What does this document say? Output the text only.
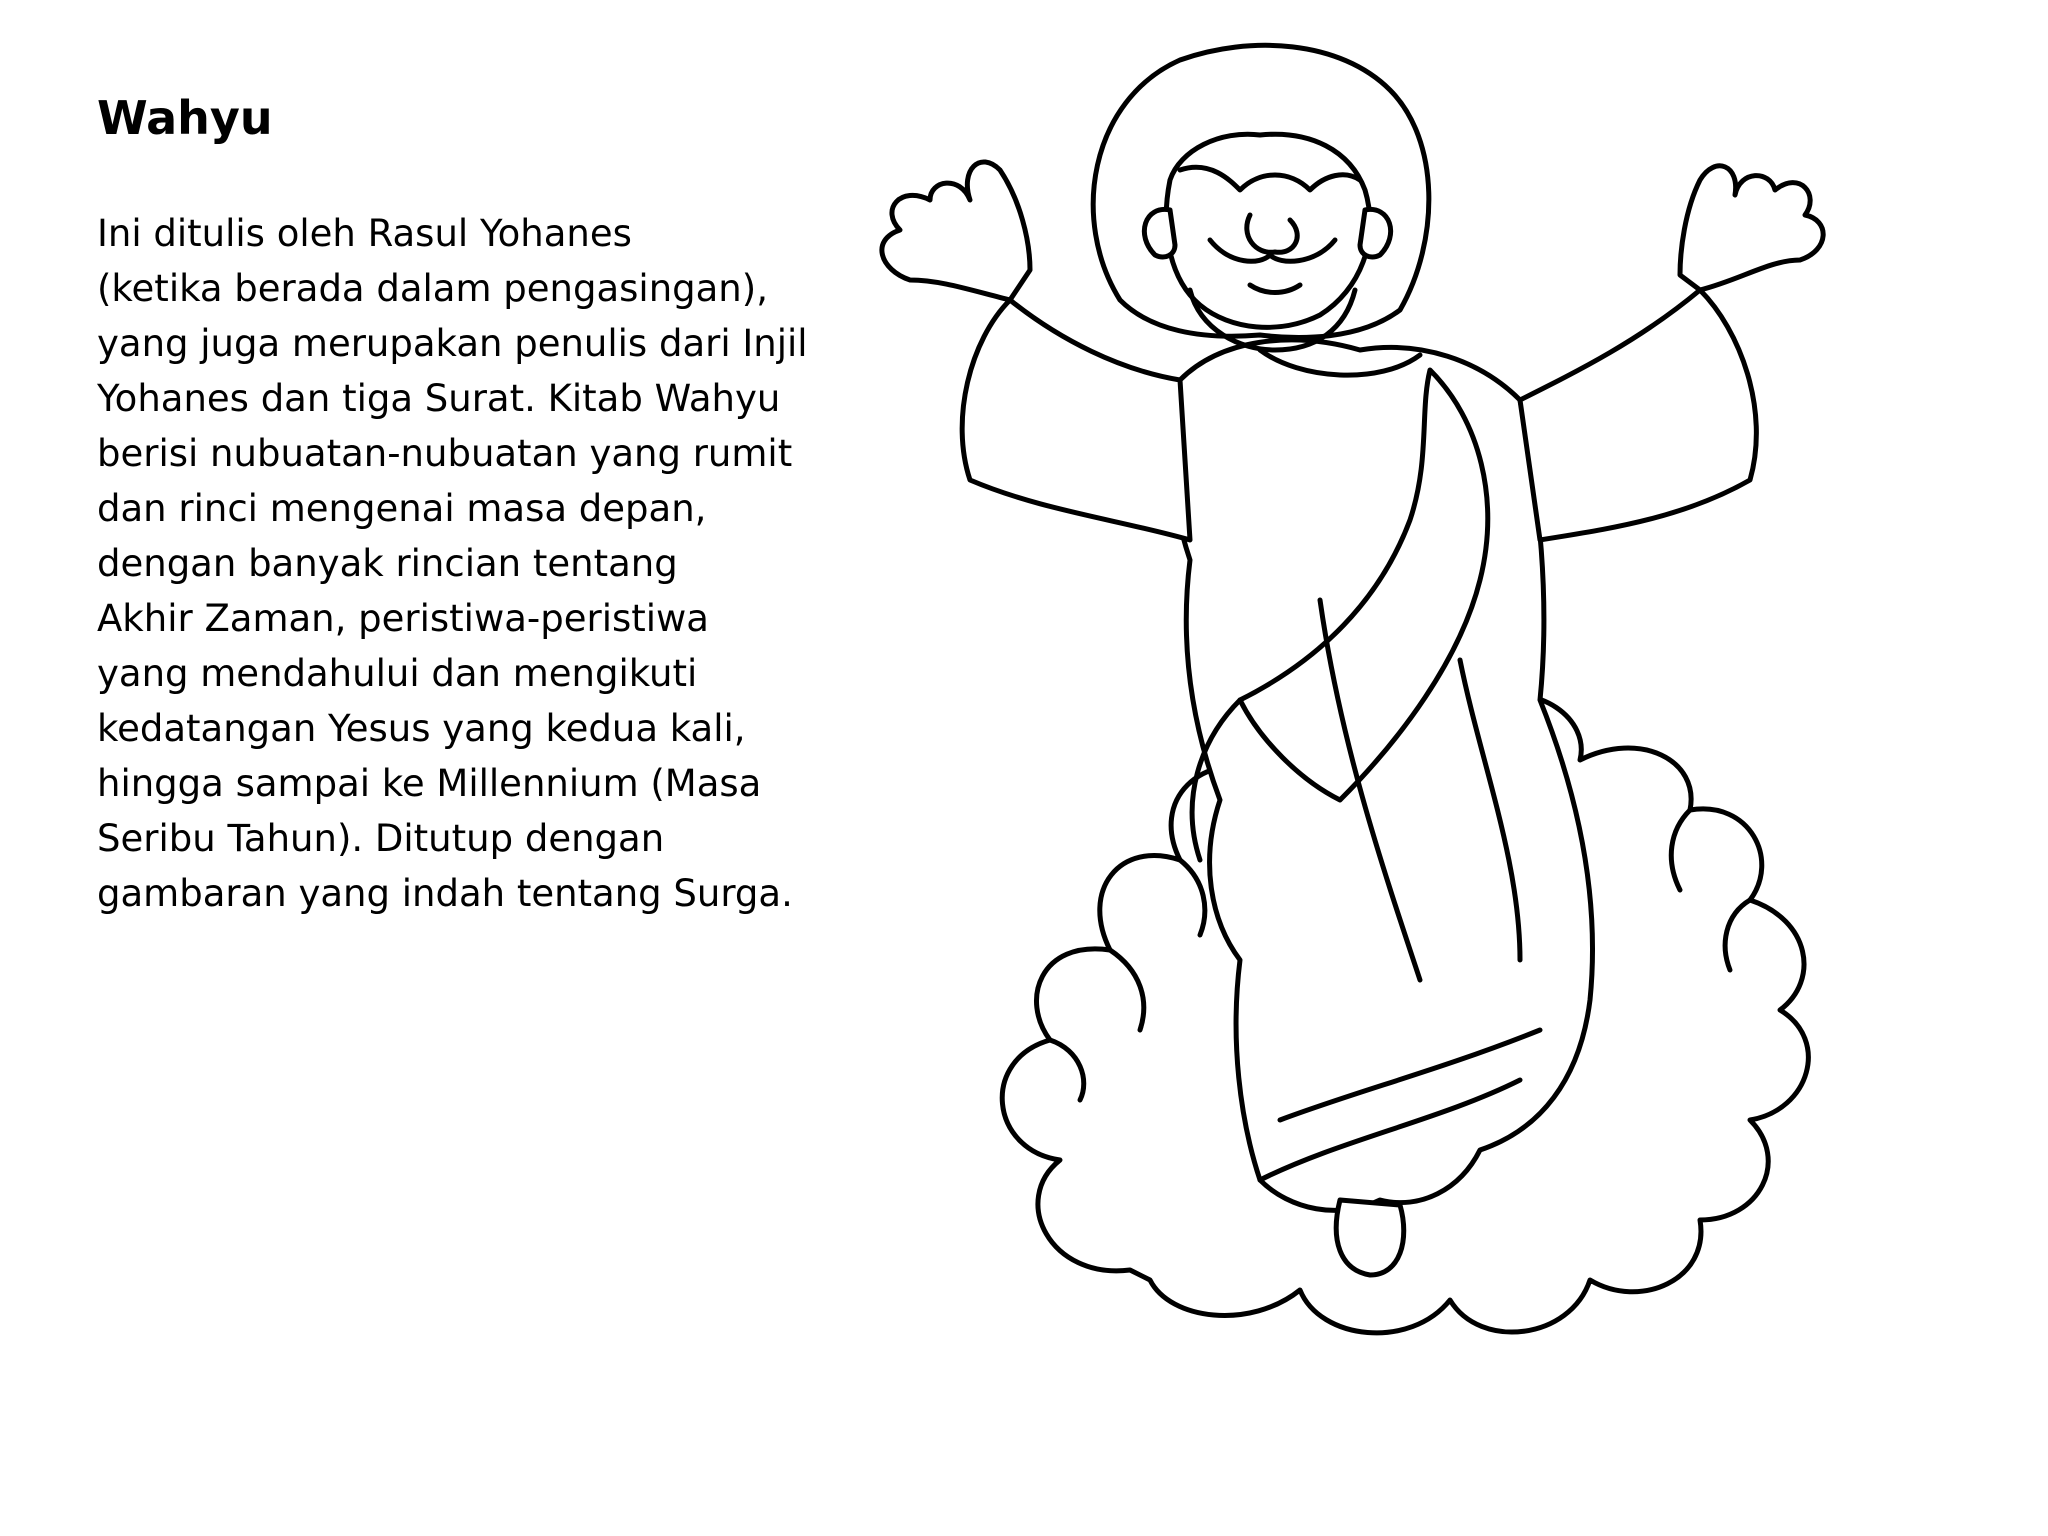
Wahyu
Ini ditulis oleh Rasul Yohanes
(ketika berada dalam pengasingan),
yang juga merupakan penulis dari Injil
Yohanes dan tiga Surat. Kitab Wahyu
berisi nubuatan-nubuatan yang rumit
dan rinci mengenai masa depan,
dengan banyak rincian tentang
Akhir Zaman, peristiwa-peristiwa
yang mendahului dan mengikuti
kedatangan Yesus yang kedua kali,
hingga sampai ke Millennium (Masa
Seribu Tahun). Ditutup dengan
gambaran yang indah tentang Surga.
